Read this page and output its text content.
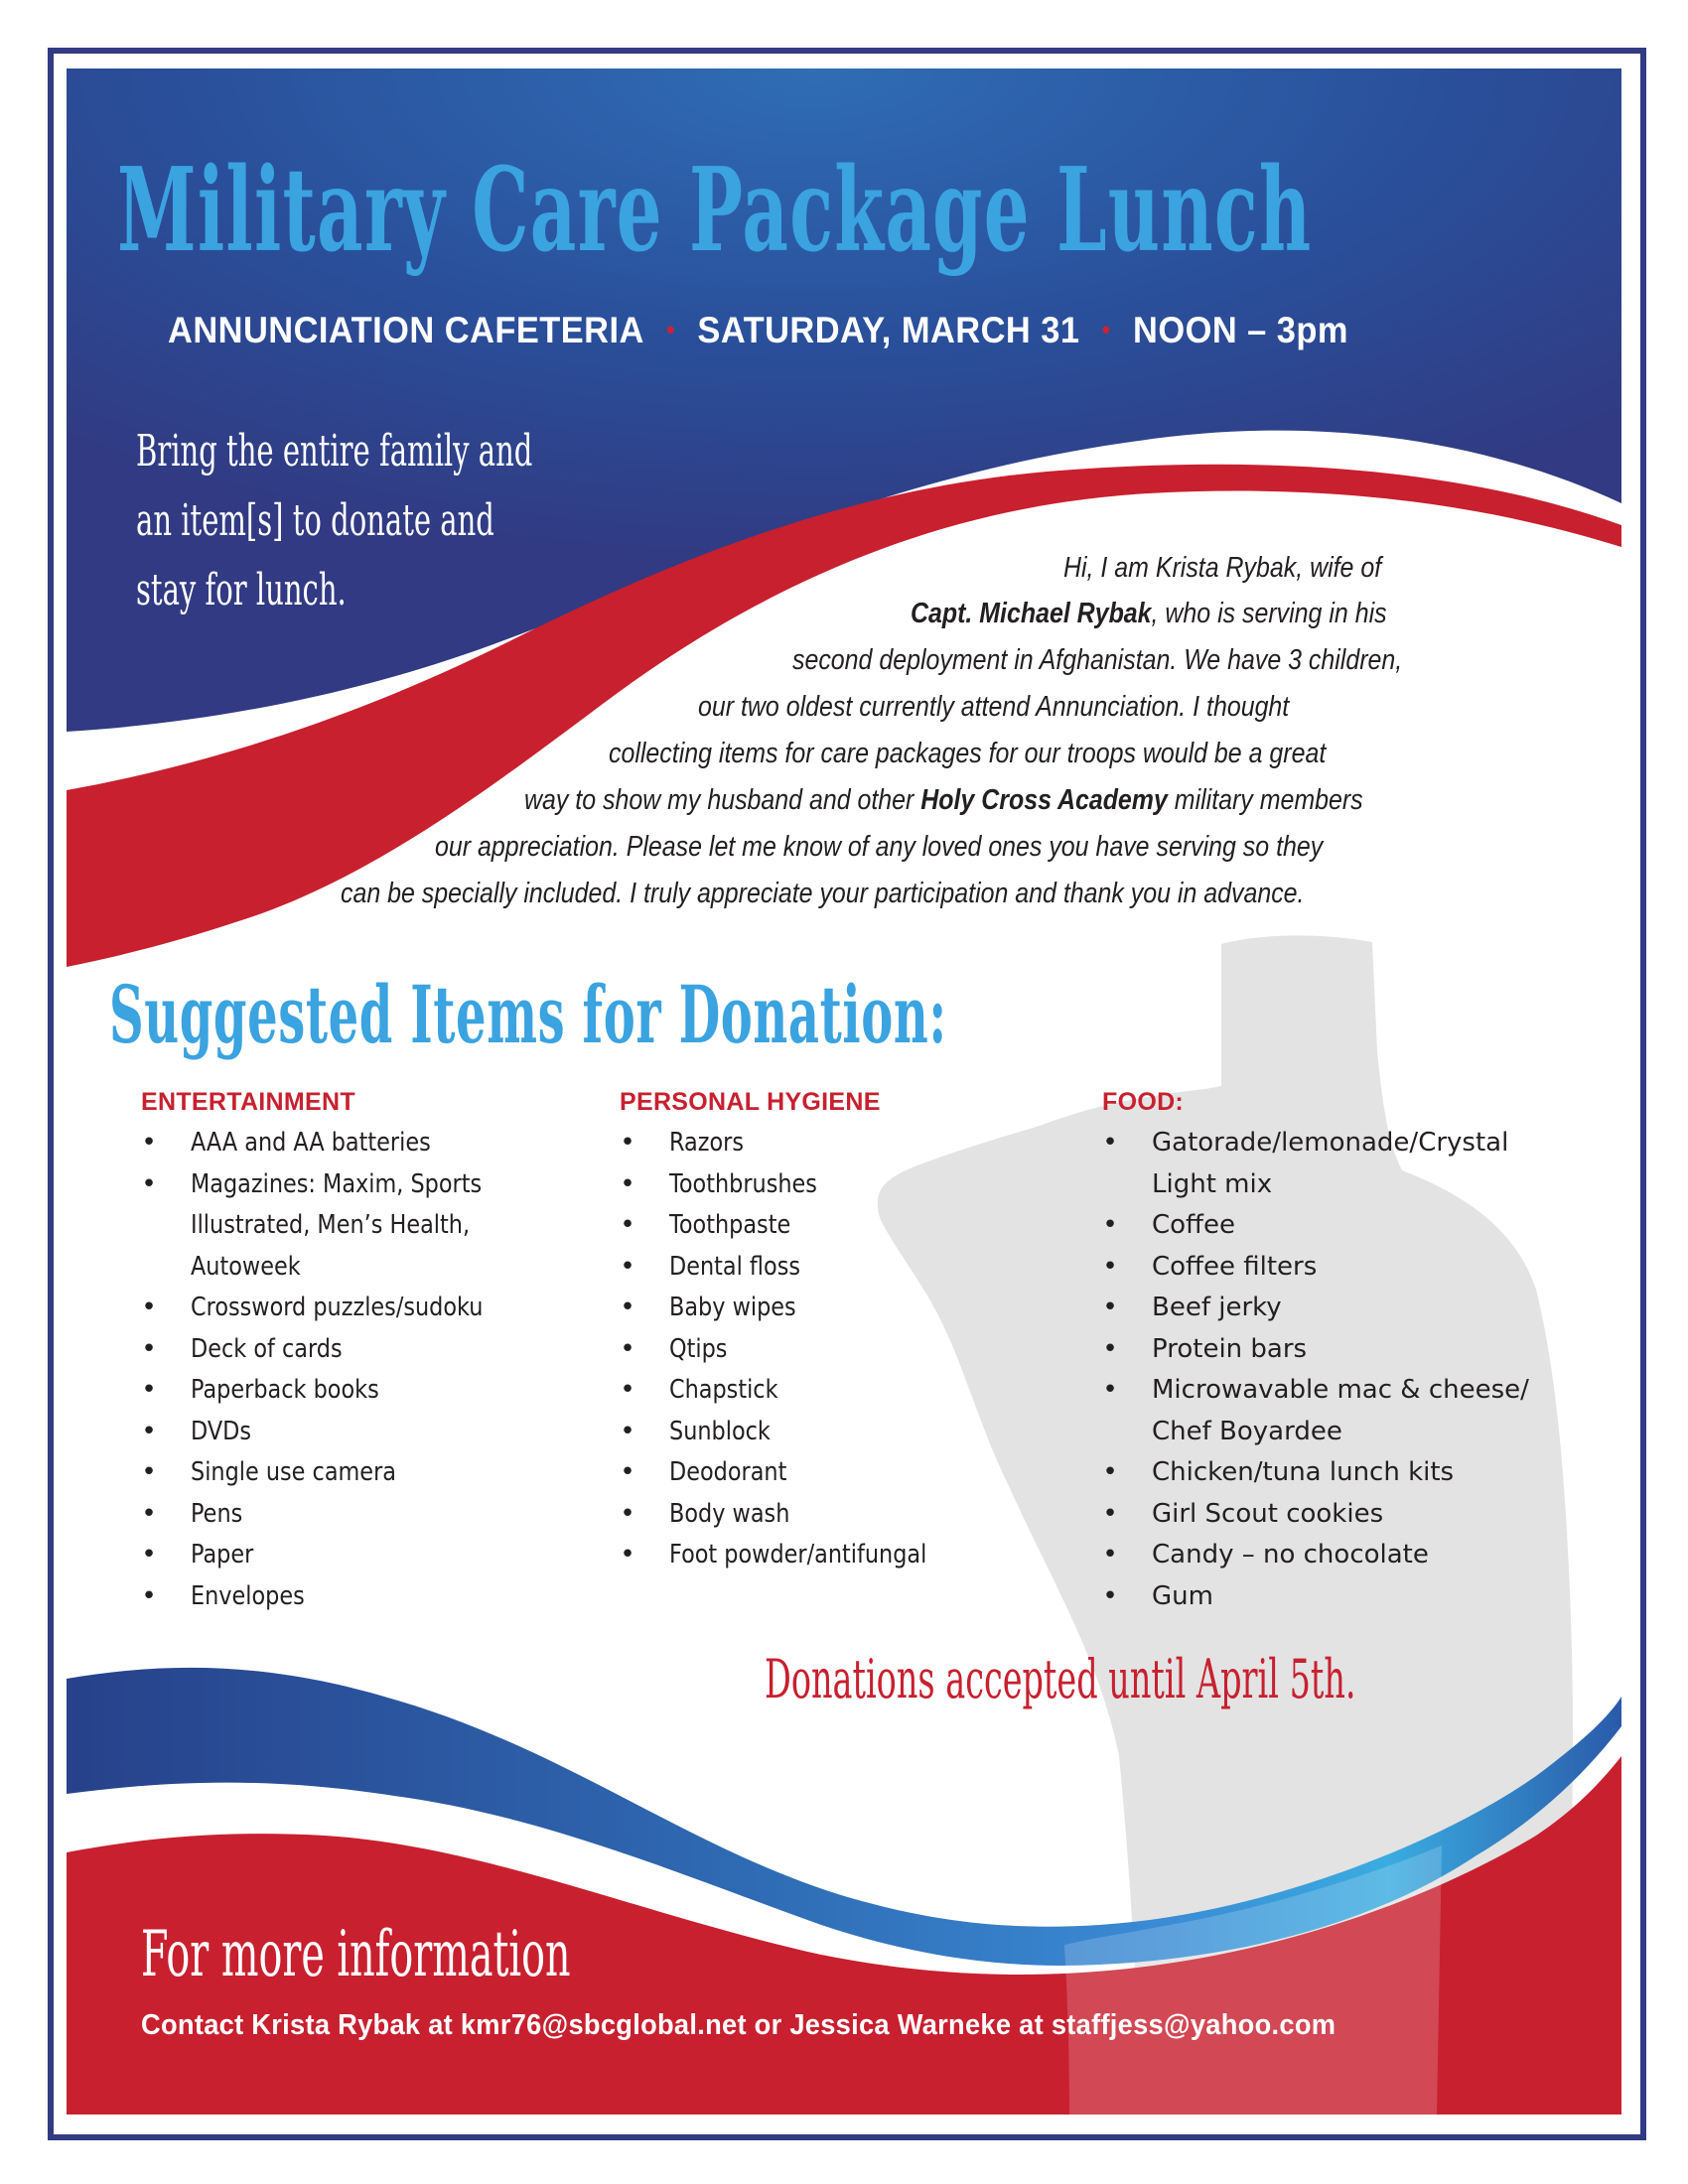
Military Care Package Lunch
ANNUNCIATION CAFETERIA • SATURDAY, MARCH 31 • NOON – 3pm
Bring the entire family and
an item[s] to donate and
stay for lunch.	Hi, I am Krista Rybak, wife of
Capt. Michael Rybak, who is serving in his
second deployment in Afghanistan. We have 3 children,
our two oldest currently attend Annunciation. I thought
collecting items for care packages for our troops would be a great
way to show my husband and other Holy Cross Academy military members
our appreciation. Please let me know of any loved ones you have serving so they
can be specially included. I truly appreciate your participation and thank you in advance.
Suggested Items for Donation:
ENTERTAINMENT
• AAA and AA batteries
• Magazines: Maxim, Sports
Illustrated, Men’s Health,
Autoweek
• Crossword puzzles/sudoku
• Deck of cards
• Paperback books
• DVDs
• Single use camera
• Pens
• Paper
• Envelopes
PERSONAL HYGIENE
• Razors
• Toothbrushes
• Toothpaste
• Dental floss
• Baby wipes
• Qtips
• Chapstick
• Sunblock
• Deodorant
• Body wash
• Foot powder/antifungal
FOOD:
• Gatorade/lemonade/Crystal
Light mix
• Coffee
• Coffee filters
• Beef jerky
• Protein bars
• Microwavable mac & cheese/
Chef Boyardee
• Chicken/tuna lunch kits
• Girl Scout cookies
• Candy – no chocolate
• Gum
Donations accepted until April 5th.
For more information
Contact Krista Rybak at kmr76@sbcglobal.net or Jessica Warneke at staffjess@yahoo.com
